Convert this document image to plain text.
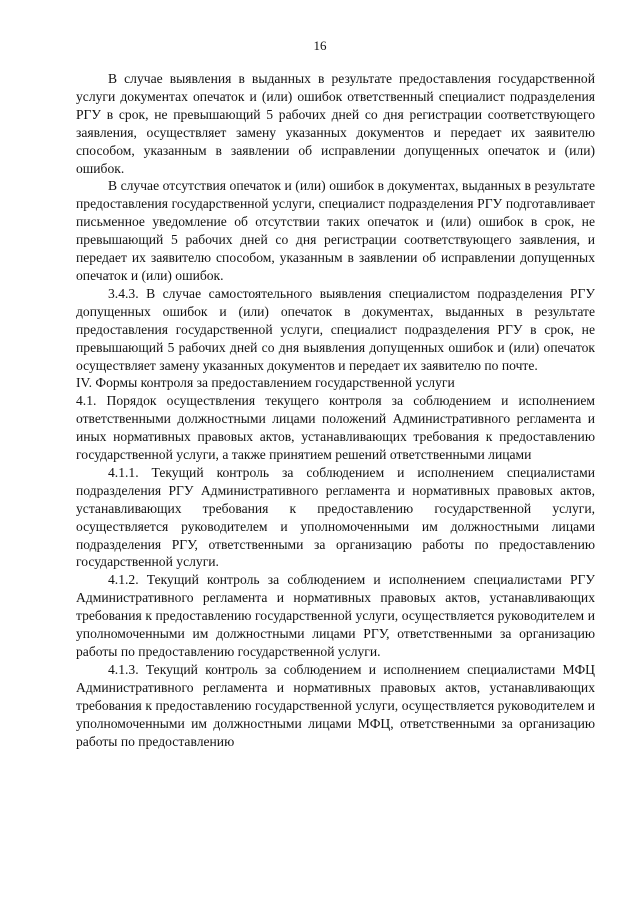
16

В случае выявления в выданных в результате предоставления государственной услуги документах опечаток и (или) ошибок ответственный специалист подразделения РГУ в срок, не превышающий 5 рабочих дней со дня регистрации соответствующего заявления, осуществляет замену указанных документов и передает их заявителю способом, указанным в заявлении об исправлении допущенных опечаток и (или) ошибок.

В случае отсутствия опечаток и (или) ошибок в документах, выданных в результате предоставления государственной услуги, специалист подразделения РГУ подготавливает письменное уведомление об отсутствии таких опечаток и (или) ошибок в срок, не превышающий 5 рабочих дней со дня регистрации соответствующего заявления, и передает их заявителю способом, указанным в заявлении об исправлении допущенных опечаток и (или) ошибок.

3.4.3. В случае самостоятельного выявления специалистом подразделения РГУ допущенных ошибок и (или) опечаток в документах, выданных в результате предоставления государственной услуги, специалист подразделения РГУ в срок, не превышающий 5 рабочих дней со дня выявления допущенных ошибок и (или) опечаток осуществляет замену указанных документов и передает их заявителю по почте.

IV. Формы контроля за предоставлением государственной услуги

4.1. Порядок осуществления текущего контроля за соблюдением и исполнением ответственными должностными лицами положений Административного регламента и иных нормативных правовых актов, устанавливающих требования к предоставлению государственной услуги, а также принятием решений ответственными лицами

4.1.1. Текущий контроль за соблюдением и исполнением специалистами подразделения РГУ Административного регламента и нормативных правовых актов, устанавливающих требования к предоставлению государственной услуги, осуществляется руководителем и уполномоченными им должностными лицами подразделения РГУ, ответственными за организацию работы по предоставлению государственной услуги.

4.1.2. Текущий контроль за соблюдением и исполнением специалистами РГУ Административного регламента и нормативных правовых актов, устанавливающих требования к предоставлению государственной услуги, осуществляется руководителем и уполномоченными им должностными лицами РГУ, ответственными за организацию работы по предоставлению государственной услуги.

4.1.3. Текущий контроль за соблюдением и исполнением специалистами МФЦ Административного регламента и нормативных правовых актов, устанавливающих требования к предоставлению государственной услуги, осуществляется руководителем и уполномоченными им должностными лицами МФЦ, ответственными за организацию работы по предоставлению
